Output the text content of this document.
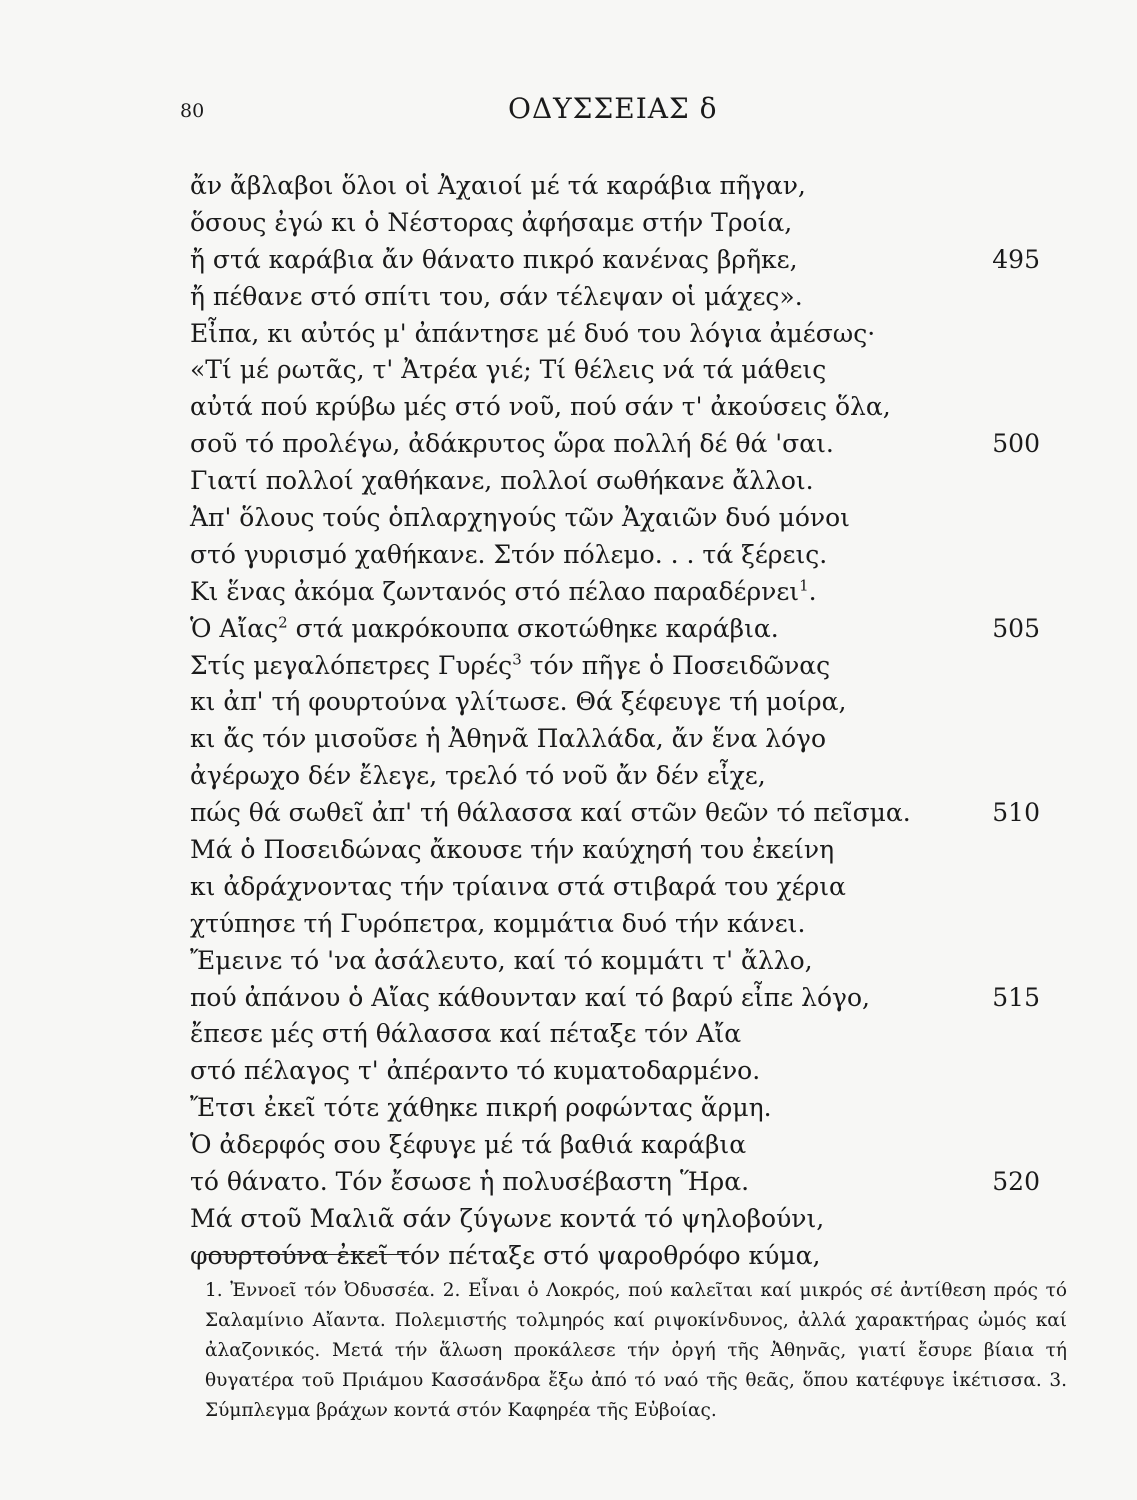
80	ΟΔΥΣΣΕΙΑΣ δ
ἄν ἄβλαβοι ὅλοι οἱ Ἀχαιοί μέ τά καράβια πῆγαν,
ὅσους ἐγώ κι ὁ Νέστορας ἀφήσαμε στήν Τροία,
ἤ στά καράβια ἄν θάνατο πικρό κανένας βρῆκε,	495
ἤ πέθανε στό σπίτι του, σάν τέλεψαν οἱ μάχες».
Εἶπα, κι αὐτός μ' ἀπάντησε μέ δυό του λόγια ἀμέσως·
«Τί μέ ρωτᾶς, τ' Ἀτρέα γιέ; Τί θέλεις νά τά μάθεις
αὐτά πού κρύβω μές στό νοῦ, πού σάν τ' ἀκούσεις ὅλα,
σοῦ τό προλέγω, ἀδάκρυτος ὥρα πολλή δέ θά 'σαι.	500
Γιατί πολλοί χαθήκανε, πολλοί σωθήκανε ἄλλοι.
Ἀπ' ὅλους τούς ὁπλαρχηγούς τῶν Ἀχαιῶν δυό μόνοι
στό γυρισμό χαθήκανε. Στόν πόλεμο. . . τά ξέρεις.
Κι ἕνας ἀκόμα ζωντανός στό πέλαο παραδέρνει$^1$.
Ὁ Αἴας$^2$ στά μακρόκουπα σκοτώθηκε καράβια.	505
Στίς μεγαλόπετρες Γυρές$^3$ τόν πῆγε ὁ Ποσειδῶνας
κι ἀπ' τή φουρτούνα γλίτωσε. Θά ξέφευγε τή μοίρα,
κι ἄς τόν μισοῦσε ἡ Ἀθηνᾶ Παλλάδα, ἄν ἕνα λόγο
ἀγέρωχο δέν ἔλεγε, τρελό τό νοῦ ἄν δέν εἶχε,
πώς θά σωθεῖ ἀπ' τή θάλασσα καί στῶν θεῶν τό πεῖσμα.	510
Μά ὁ Ποσειδώνας ἄκουσε τήν καύχησή του ἐκείνη
κι ἀδράχνοντας τήν τρίαινα στά στιβαρά του χέρια
χτύπησε τή Γυρόπετρα, κομμάτια δυό τήν κάνει.
Ἔμεινε τό 'να ἀσάλευτο, καί τό κομμάτι τ' ἄλλο,
πού ἀπάνου ὁ Αἴας κάθουνταν καί τό βαρύ εἶπε λόγο,	515
ἔπεσε μές στή θάλασσα καί πέταξε τόν Αἴα
στό πέλαγος τ' ἀπέραντο τό κυματοδαρμένο.
Ἔτσι ἐκεῖ τότε χάθηκε πικρή ροφώντας ἅρμη.
Ὁ ἀδερφός σου ξέφυγε μέ τά βαθιά καράβια
τό θάνατο. Τόν ἔσωσε ἡ πολυσέβαστη Ἥρα.	520
Μά στοῦ Μαλιᾶ σάν ζύγωνε κοντά τό ψηλοβούνι,
φουρτούνα ἐκεῖ τόν πέταξε στό ψαροθρόφο κύμα,
1. Ἐννοεῖ τόν Ὀδυσσέα. 2. Εἶναι ὁ Λοκρός, πού καλεῖται καί μικρός σέ ἀντίθεση πρός τό Σαλαμίνιο Αἴαντα. Πολεμιστής τολμηρός καί ριψοκίνδυνος, ἀλλά χαρακτήρας ὠμός καί ἀλαζονικός. Μετά τήν ἅλωση προκάλεσε τήν ὀργή τῆς Ἀθηνᾶς, γιατί ἔσυρε βίαια τή θυγατέρα τοῦ Πριάμου Κασσάνδρα ἔξω ἀπό τό ναό τῆς θεᾶς, ὅπου κατέφυγε ἱκέτισσα. 3. Σύμπλεγμα βράχων κοντά στόν Καφηρέα τῆς Εὐβοίας.
